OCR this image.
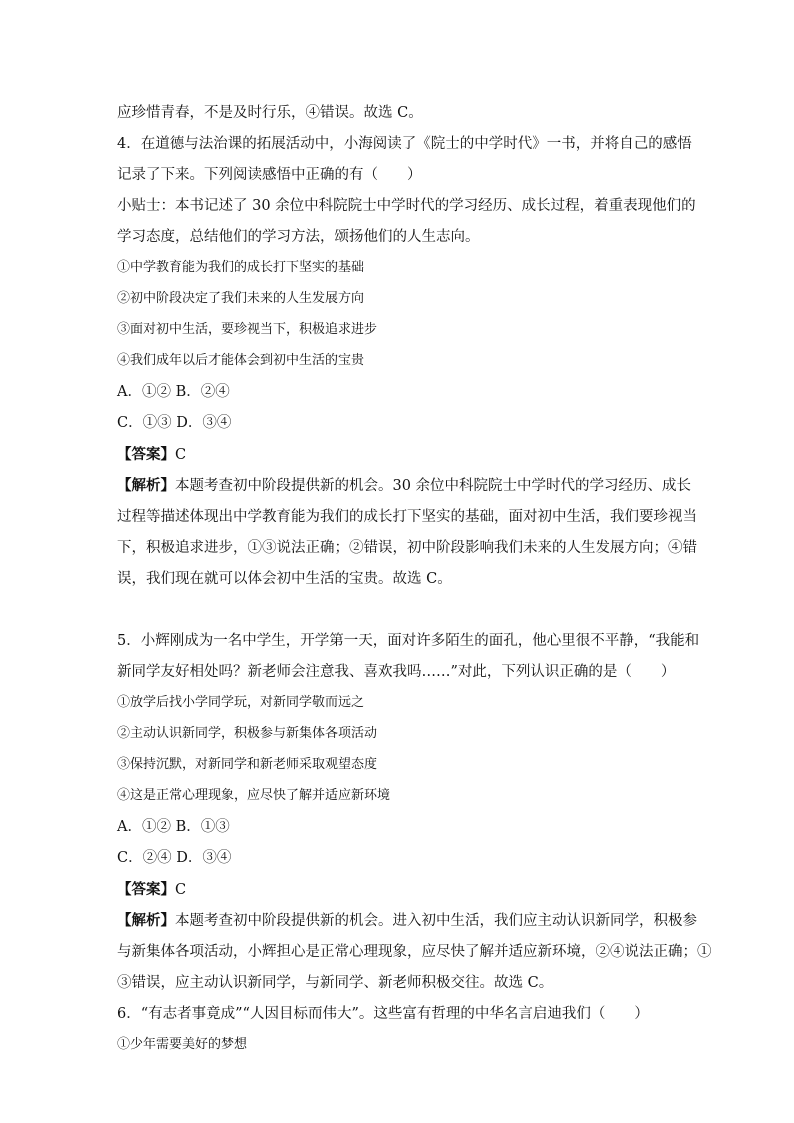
应珍惜青春，不是及时行乐，④错误。故选 C。
4．在道德与法治课的拓展活动中，小海阅读了《院士的中学时代》一书，并将自己的感悟
记录了下来。下列阅读感悟中正确的有（　　）
小贴士：本书记述了 30 余位中科院院士中学时代的学习经历、成长过程，着重表现他们的
学习态度，总结他们的学习方法，颂扬他们的人生志向。
①中学教育能为我们的成长打下坚实的基础
②初中阶段决定了我们未来的人生发展方向
③面对初中生活，要珍视当下，积极追求进步
④我们成年以后才能体会到初中生活的宝贵
A．①② B．②④
C．①③ D．③④
【答案】C
【解析】本题考查初中阶段提供新的机会。30 余位中科院院士中学时代的学习经历、成长
过程等描述体现出中学教育能为我们的成长打下坚实的基础，面对初中生活，我们要珍视当
下，积极追求进步，①③说法正确；②错误，初中阶段影响我们未来的人生发展方向；④错
误，我们现在就可以体会初中生活的宝贵。故选 C。
5．小辉刚成为一名中学生，开学第一天，面对许多陌生的面孔，他心里很不平静，“我能和
新同学友好相处吗？新老师会注意我、喜欢我吗……”对此，下列认识正确的是（　　）
①放学后找小学同学玩，对新同学敬而远之
②主动认识新同学，积极参与新集体各项活动
③保持沉默，对新同学和新老师采取观望态度
④这是正常心理现象，应尽快了解并适应新环境
A．①② B．①③
C．②④ D．③④
【答案】C
【解析】本题考查初中阶段提供新的机会。进入初中生活，我们应主动认识新同学，积极参
与新集体各项活动，小辉担心是正常心理现象，应尽快了解并适应新环境，②④说法正确；①
③错误，应主动认识新同学，与新同学、新老师积极交往。故选 C。
6．“有志者事竟成”“人因目标而伟大”。这些富有哲理的中华名言启迪我们（　　）
①少年需要美好的梦想
